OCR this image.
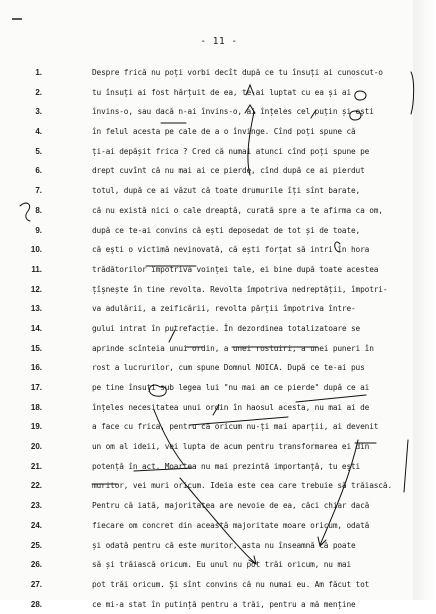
- 11 -
1.
2.
3.
4.
5.
6.
7.
8.
9.
10.
11.
12.
13.
14.
15.
16.
17.
18.
19.
20.
21.
22.
23.
24.
25.
26.
27.
28.
Despre frică nu poți vorbi decît după ce tu însuți ai cunoscut-o
tu însuți ai fost hărțuit de ea, te-ai luptat cu ea și ai
învins-o, sau dacă n-ai învins-o, ai înțeles cel puțin și ești
în felul acesta pe cale de a o învinge. Cînd poți spune că
ți-ai depășit frica ? Cred că numai atunci cînd poți spune pe
drept cuvînt că nu mai ai ce pierde, cînd după ce ai pierdut
totul, după ce ai văzut că toate drumurile îți sînt barate,
că nu există nici o cale dreaptă, curată spre a te afirma ca om,
după ce te-ai convins că ești deposedat de tot și de toate,
că ești o victimă nevinovată, că ești forțat să intri în hora
trădătorilor împotriva voinței tale, ei bine după toate acestea
țîșnește în tine revolta. Revolta împotriva nedreptății, împotri-
va adulării, a zeificării, revolta părții împotriva între-
gului intrat în putrefacție. În dezordinea totalizatoare se
aprinde scînteia unui ordin, a unei rostuiri, a unei puneri în
rost a lucrurilor, cum spune Domnul NOICA. După ce te-ai pus
pe tine însuți sub legea lui "nu mai am ce pierde" după ce ai
înțeles necesitatea unui ordin în haosul acesta, nu mai ai de
a face cu frica, pentru că oricum nu-ți mai aparții, ai devenit
un om al ideii, vei lupta de acum pentru transformarea ei din
potență în act. Moartea nu mai prezintă importanță, tu ești
muritor, vei muri oricum. Ideia este cea care trebuie să trăiască.
Pentru că iată, majoritatea are nevoie de ea, căci chiar dacă
fiecare om concret din această majoritate moare oricum, odată
și odată pentru că este muritor, asta nu înseamnă că poate
să și trăiască oricum. Eu unul nu pot trăi oricum, nu mai
pot trăi oricum. Și sînt convins că nu numai eu. Am făcut tot
ce mi-a stat în putință pentru a trăi, pentru a mă menține
